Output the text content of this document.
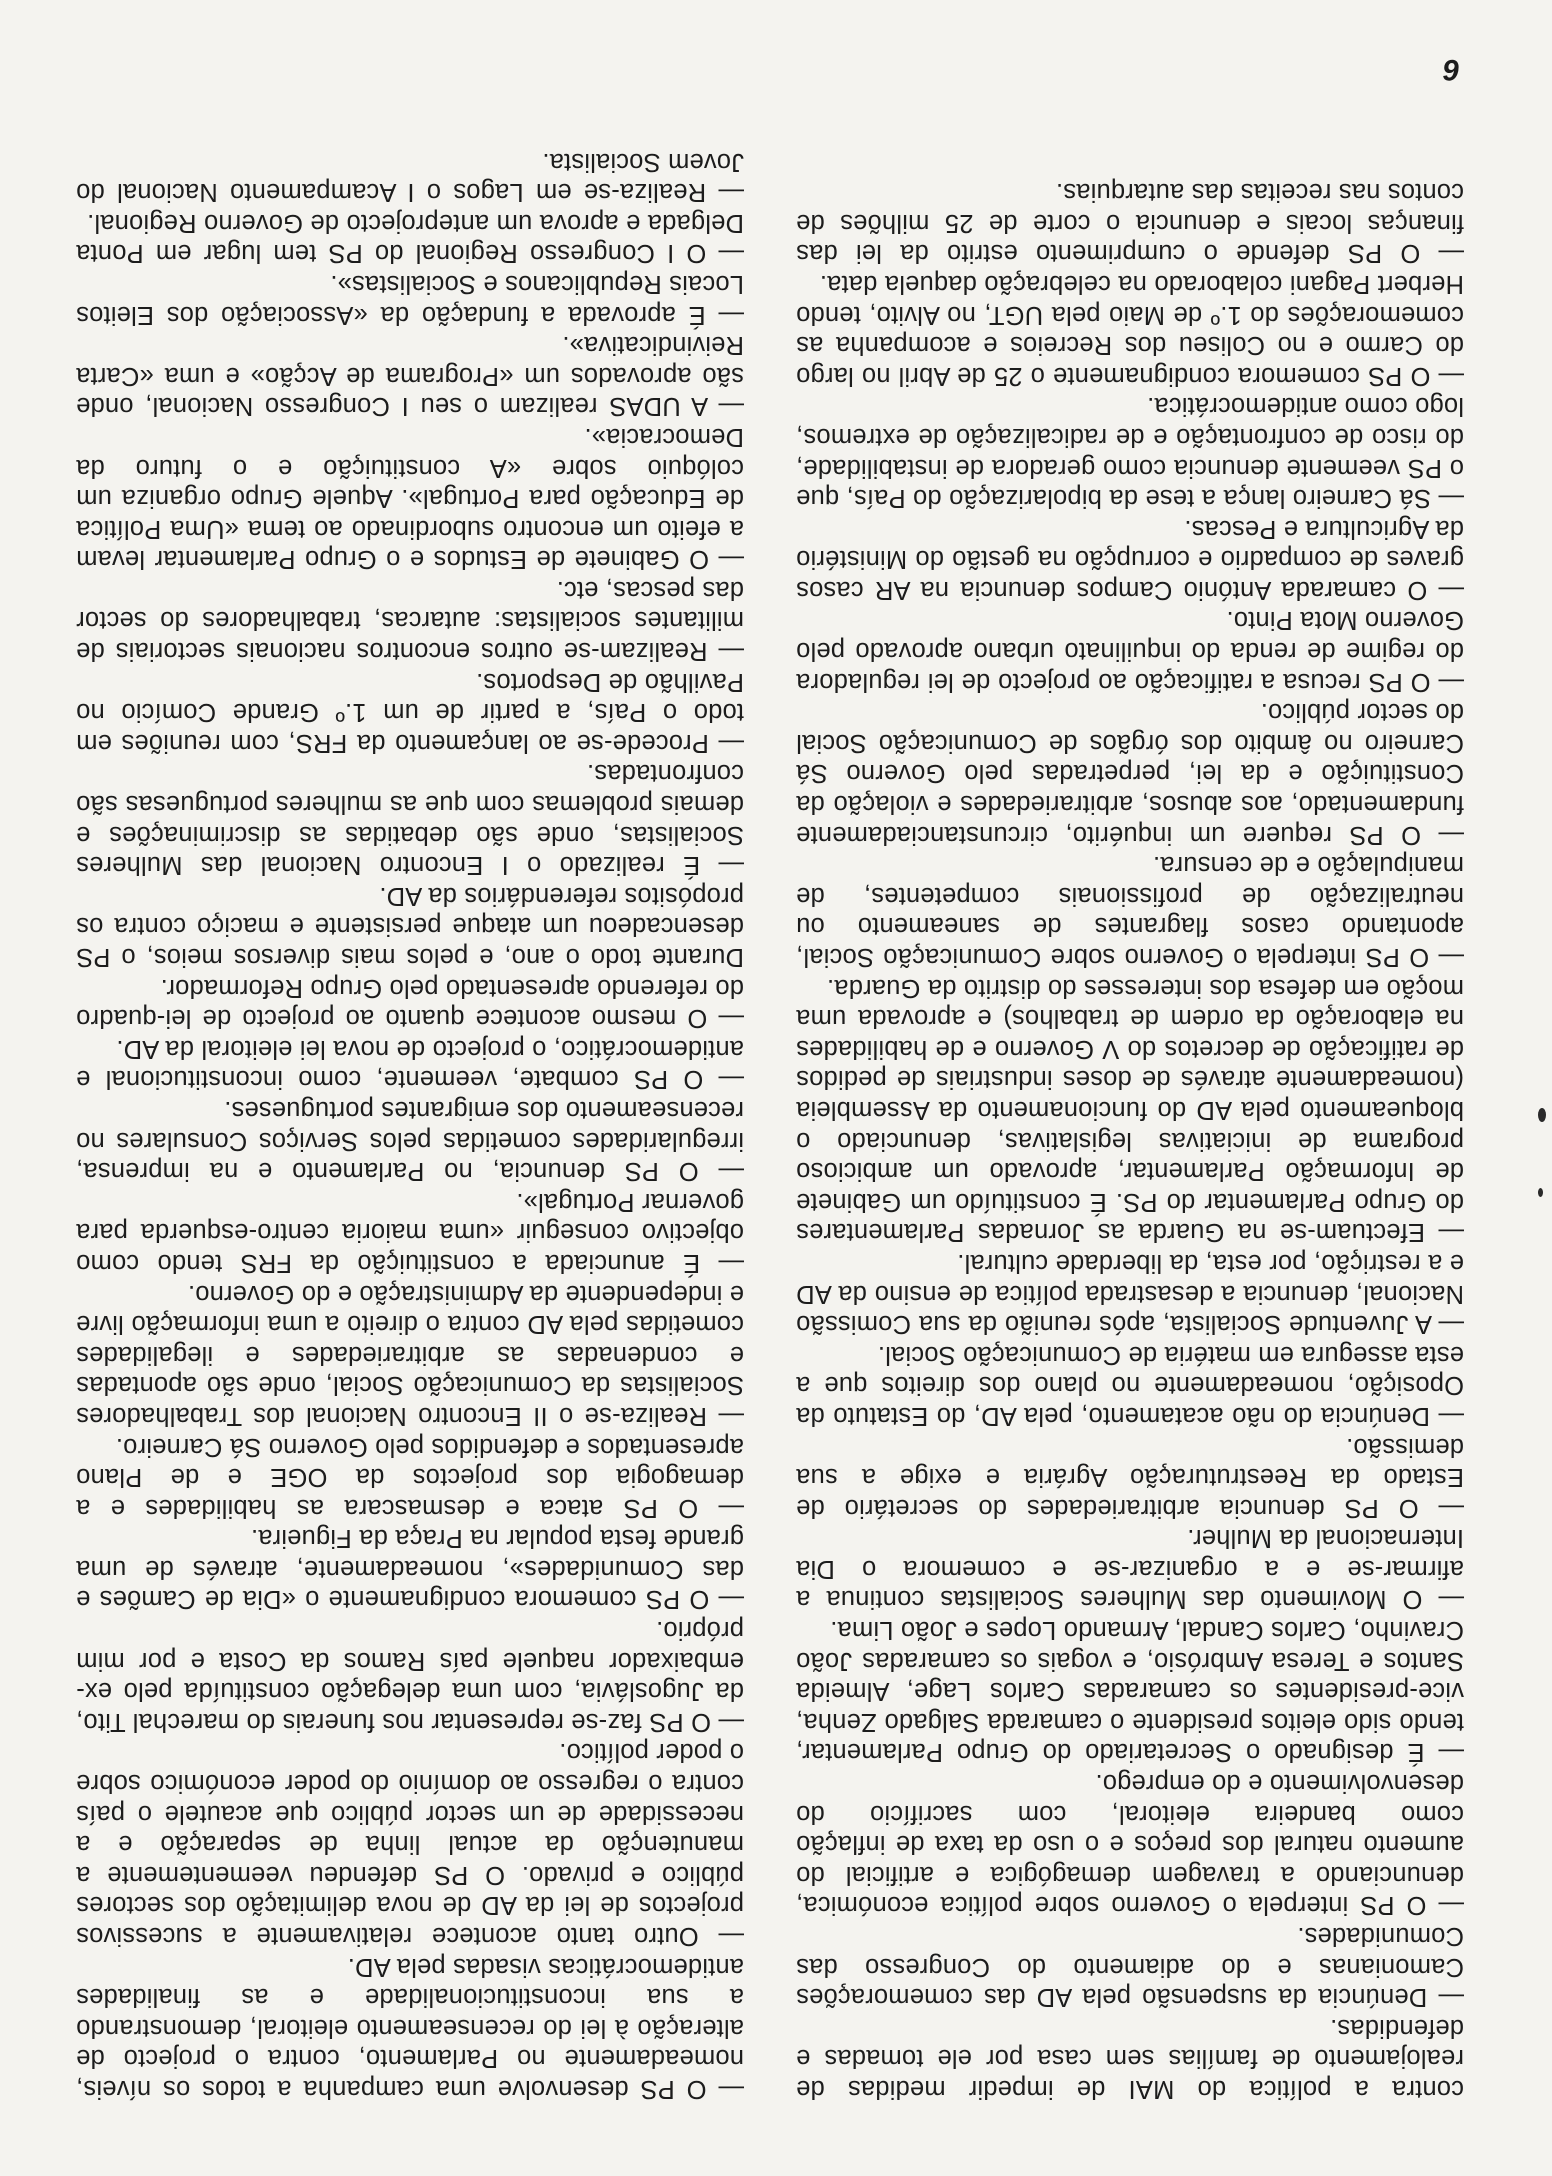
contra a política do MAI de impedir medidas de realojamento de famílias sem casa por ele tomadas e defendidas.

— Denúncia da suspensão pela AD das comemorações Camonianas e do adiamento do Congresso das Comunidades.

— O PS interpela o Governo sobre política económica, denunciando a travagem demagógica e artificial do aumento natural dos preços e o uso da taxa de inflação como bandeira eleitoral, com sacrifício do desenvolvimento e do emprego.

— É designado o Secretariado do Grupo Parlamentar, tendo sido eleitos presidente o camarada Salgado Zenha, vice-presidentes os camaradas Carlos Lage, Almeida Santos e Teresa Ambrósio, e vogais os camaradas João Cravinho, Carlos Candal, Armando Lopes e João Lima.

— O Movimento das Mulheres Socialistas continua a afirmar-se e a organizar-se e comemora o Dia Internacional da Mulher.

— O PS denuncia arbitrariedades do secretário de Estado da Reestruturação Agrária e exige a sua demissão.

— Denúncia do não acatamento, pela AD, do Estatuto da Oposição, nomeadamente no plano dos direitos que a esta assegura em matéria de Comunicação Social.

— A Juventude Socialista, após reunião da sua Comissão Nacional, denuncia a desastrada política de ensino da AD e a restrição, por esta, da liberdade cultural.

— Efectuam-se na Guarda as Jornadas Parlamentares do Grupo Parlamentar do PS. É constituído um Gabinete de Informação Parlamentar, aprovado um ambicioso programa de iniciativas legislativas, denunciado o bloqueamento pela AD do funcionamento da Assembleia (nomeadamente através de doses industriais de pedidos de ratificação de decretos do V Governo e de habilidades na elaboração da ordem de trabalhos) e aprovada uma moção em defesa dos interesses do distrito da Guarda.

— O PS interpela o Governo sobre Comunicação Social, apontando casos flagrantes de saneamento ou neutralização de profissionais competentes, de manipulação e de censura.

— O PS requere um inquérito, circunstanciadamente fundamentado, aos abusos, arbitrariedades e violação da Constituição e da lei, perpetradas pelo Governo Sá Carneiro no âmbito dos órgãos de Comunicação Social do sector público.

— O PS recusa a ratificação ao projecto de lei reguladora do regime de renda do inquilinato urbano aprovado pelo Governo Mota Pinto.

— O camarada António Campos denuncia na AR casos graves de compadrio e corrupção na gestão do Ministério da Agricultura e Pescas.

— Sá Carneiro lança a tese da bipolarização do País, que o PS veemente denuncia como geradora de instabilidade, do risco de confrontação e de radicalização de extremos, logo como antidemocrática.

— O PS comemora condignamente o 25 de Abril no largo do Carmo e no Coliseu dos Recreios e acompanha as comemorações do 1.º de Maio pela UGT, no Alvito, tendo Herbert Pagani colaborado na celebração daquela data.

— O PS defende o cumprimento estrito da lei das finanças locais e denuncia o corte de 25 milhões de contos nas receitas das autarquias.

— O PS desenvolve uma campanha a todos os níveis, nomeadamente no Parlamento, contra o projecto de alteração à lei do recenseamento eleitoral, demonstrando a sua inconstitucionalidade e as finalidades antidemocráticas visadas pela AD.

— Outro tanto acontece relativamente a sucessivos projectos de lei da AD de nova delimitação dos sectores público e privado. O PS defendeu veementemente a manutenção da actual linha de separação e a necessidade de um sector público que acautele o país contra o regresso ao domínio do poder económico sobre o poder político.

— O PS faz-se representar nos funerais do marechal Tito, da Jugoslávia, com uma delegação constituída pelo ex-embaixador naquele país Ramos da Costa e por mim próprio.

— O PS comemora condignamente o «Dia de Camões e das Comunidades», nomeadamente, através de uma grande festa popular na Praça da Figueira.

— O PS ataca e desmascara as habilidades e a demagogia dos projectos da OGE e de Plano apresentados e defendidos pelo Governo Sá Carneiro.

— Realiza-se o II Encontro Nacional dos Trabalhadores Socialistas da Comunicação Social, onde são apontadas e condenadas as arbitrariedades e ilegalidades cometidas pela AD contra o direito a uma informação livre e independente da Administração e do Governo.

— É anunciada a constituição da FRS tendo como objectivo conseguir «uma maioria centro-esquerda para governar Portugal».

— O PS denuncia, no Parlamento e na imprensa, irregularidades cometidas pelos Serviços Consulares no recenseamento dos emigrantes portugueses.

— O PS combate, veemente, como inconstitucional e antidemocrático, o projecto de nova lei eleitoral da AD.

— O mesmo acontece quanto ao projecto de lei-quadro do referendo apresentado pelo Grupo Reformador.

Durante todo o ano, e pelos mais diversos meios, o PS desencadeou um ataque persistente e maciço contra os propósitos referendários da AD.

— É realizado o I Encontro Nacional das Mulheres Socialistas, onde são debatidas as discriminações e demais problemas com que as mulheres portuguesas são confrontadas.

— Procede-se ao lançamento da FRS, com reuniões em todo o País, a partir de um 1.º Grande Comício no Pavilhão de Desportos.

— Realizam-se outros encontros nacionais sectoriais de militantes socialistas: autarcas, trabalhadores do sector das pescas, etc.

— O Gabinete de Estudos e o Grupo Parlamentar levam a efeito um encontro subordinado ao tema «Uma Política de Educação para Portugal». Aquele Grupo organiza um colóquio sobre «A constituição e o futuro da Democracia».

— A UDAS realizam o seu I Congresso Nacional, onde são aprovados um «Programa de Acção» e uma «Carta Reivindicativa».

— É aprovada a fundação da «Associação dos Eleitos Locais Republicanos e Socialistas».

— O I Congresso Regional do PS tem lugar em Ponta Delgada e aprova um anteprojecto de Governo Regional.

— Realiza-se em Lagos o I Acampamento Nacional do Jovem Socialista.

6
